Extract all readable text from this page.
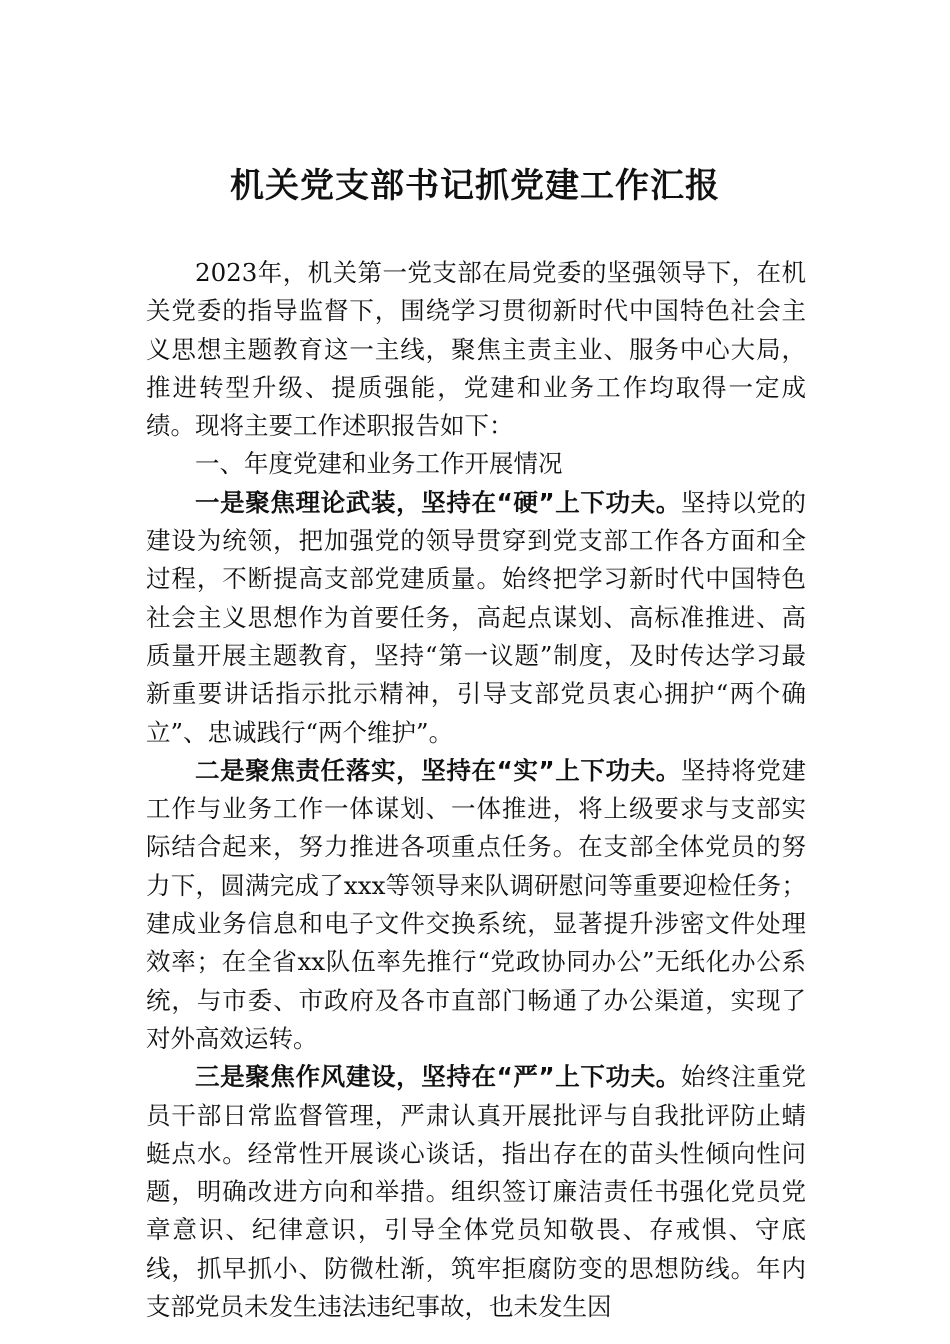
机关党支部书记抓党建工作汇报

2023年，机关第一党支部在局党委的坚强领导下，在机关党委的指导监督下，围绕学习贯彻新时代中国特色社会主义思想主题教育这一主线，聚焦主责主业、服务中心大局，推进转型升级、提质强能，党建和业务工作均取得一定成绩。现将主要工作述职报告如下：

一、年度党建和业务工作开展情况

一是聚焦理论武装，坚持在“硬”上下功夫。坚持以党的建设为统领，把加强党的领导贯穿到党支部工作各方面和全过程，不断提高支部党建质量。始终把学习新时代中国特色社会主义思想作为首要任务，高起点谋划、高标准推进、高质量开展主题教育，坚持“第一议题”制度，及时传达学习最新重要讲话指示批示精神，引导支部党员衷心拥护“两个确立”、忠诚践行“两个维护”。

二是聚焦责任落实，坚持在“实”上下功夫。坚持将党建工作与业务工作一体谋划、一体推进，将上级要求与支部实际结合起来，努力推进各项重点任务。在支部全体党员的努力下，圆满完成了xxx等领导来队调研慰问等重要迎检任务；建成业务信息和电子文件交换系统，显著提升涉密文件处理效率；在全省xx队伍率先推行“党政协同办公”无纸化办公系统，与市委、市政府及各市直部门畅通了办公渠道，实现了对外高效运转。

三是聚焦作风建设，坚持在“严”上下功夫。始终注重党员干部日常监督管理，严肃认真开展批评与自我批评防止蜻蜓点水。经常性开展谈心谈话，指出存在的苗头性倾向性问题，明确改进方向和举措。组织签订廉洁责任书强化党员党章意识、纪律意识，引导全体党员知敬畏、存戒惧、守底线，抓早抓小、防微杜渐，筑牢拒腐防变的思想防线。年内支部党员未发生违法违纪事故，也未发生因
